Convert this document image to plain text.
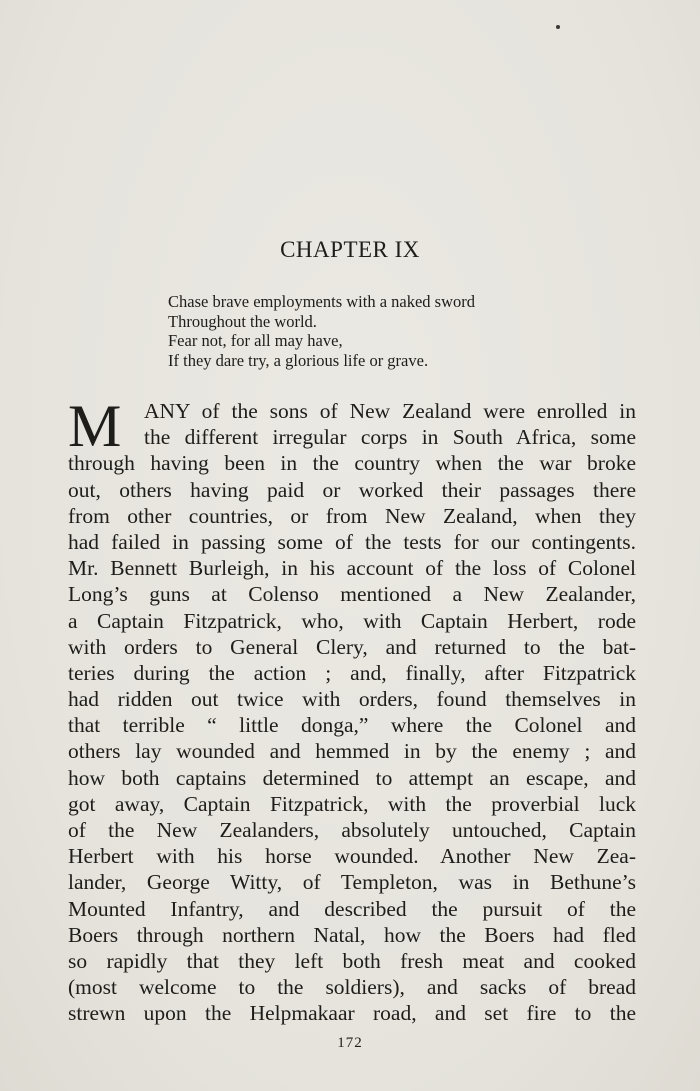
CHAPTER IX
Chase brave employments with a naked sword
Throughout the world.
Fear not, for all may have,
If they dare try, a glorious life or grave.
M	ANY of the sons of New Zealand were enrolled in
the different irregular corps in South Africa, some
through having been in the country when the war broke
out, others having paid or worked their passages there
from other countries, or from New Zealand, when they
had failed in passing some of the tests for our contingents.
Mr. Bennett Burleigh, in his account of the loss of Colonel
Long’s guns at Colenso mentioned a New Zealander,
a Captain Fitzpatrick, who, with Captain Herbert, rode
with orders to General Clery, and returned to the bat-
teries during the action ; and, finally, after Fitzpatrick
had ridden out twice with orders, found themselves in
that terrible “ little donga,” where the Colonel and
others lay wounded and hemmed in by the enemy ; and
how both captains determined to attempt an escape, and
got away, Captain Fitzpatrick, with the proverbial luck
of the New Zealanders, absolutely untouched, Captain
Herbert with his horse wounded. Another New Zea-
lander, George Witty, of Templeton, was in Bethune’s
Mounted Infantry, and described the pursuit of the
Boers through northern Natal, how the Boers had fled
so rapidly that they left both fresh meat and cooked
(most welcome to the soldiers), and sacks of bread
strewn upon the Helpmakaar road, and set fire to the
172
